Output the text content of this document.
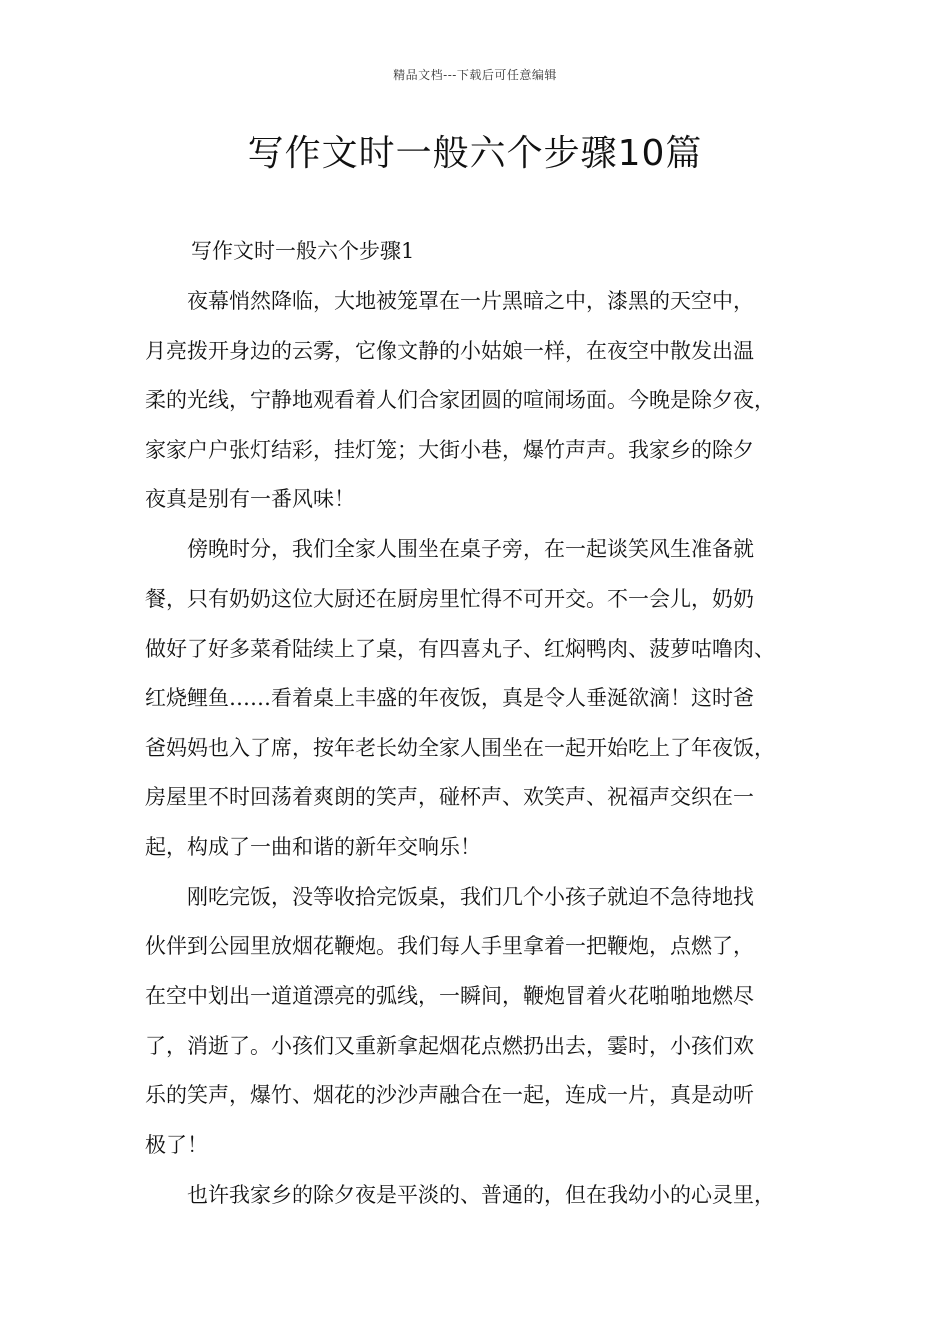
精品文档---下载后可任意编辑
写作文时一般六个步骤10篇
写作文时一般六个步骤1
　　夜幕悄然降临，大地被笼罩在一片黑暗之中，漆黑的天空中，
月亮拨开身边的云雾，它像文静的小姑娘一样，在夜空中散发出温
柔的光线，宁静地观看着人们合家团圆的喧闹场面。今晚是除夕夜，
家家户户张灯结彩，挂灯笼；大街小巷，爆竹声声。我家乡的除夕
夜真是别有一番风味！
　　傍晚时分，我们全家人围坐在桌子旁，在一起谈笑风生准备就
餐，只有奶奶这位大厨还在厨房里忙得不可开交。不一会儿，奶奶
做好了好多菜肴陆续上了桌，有四喜丸子、红焖鸭肉、菠萝咕噜肉、
红烧鲤鱼……看着桌上丰盛的年夜饭，真是令人垂涎欲滴！这时爸
爸妈妈也入了席，按年老长幼全家人围坐在一起开始吃上了年夜饭，
房屋里不时回荡着爽朗的笑声，碰杯声、欢笑声、祝福声交织在一
起，构成了一曲和谐的新年交响乐！
　　刚吃完饭，没等收拾完饭桌，我们几个小孩子就迫不急待地找
伙伴到公园里放烟花鞭炮。我们每人手里拿着一把鞭炮，点燃了，
在空中划出一道道漂亮的弧线，一瞬间，鞭炮冒着火花啪啪地燃尽
了，消逝了。小孩们又重新拿起烟花点燃扔出去，霎时，小孩们欢
乐的笑声，爆竹、烟花的沙沙声融合在一起，连成一片，真是动听
极了！
　　也许我家乡的除夕夜是平淡的、普通的，但在我幼小的心灵里，
